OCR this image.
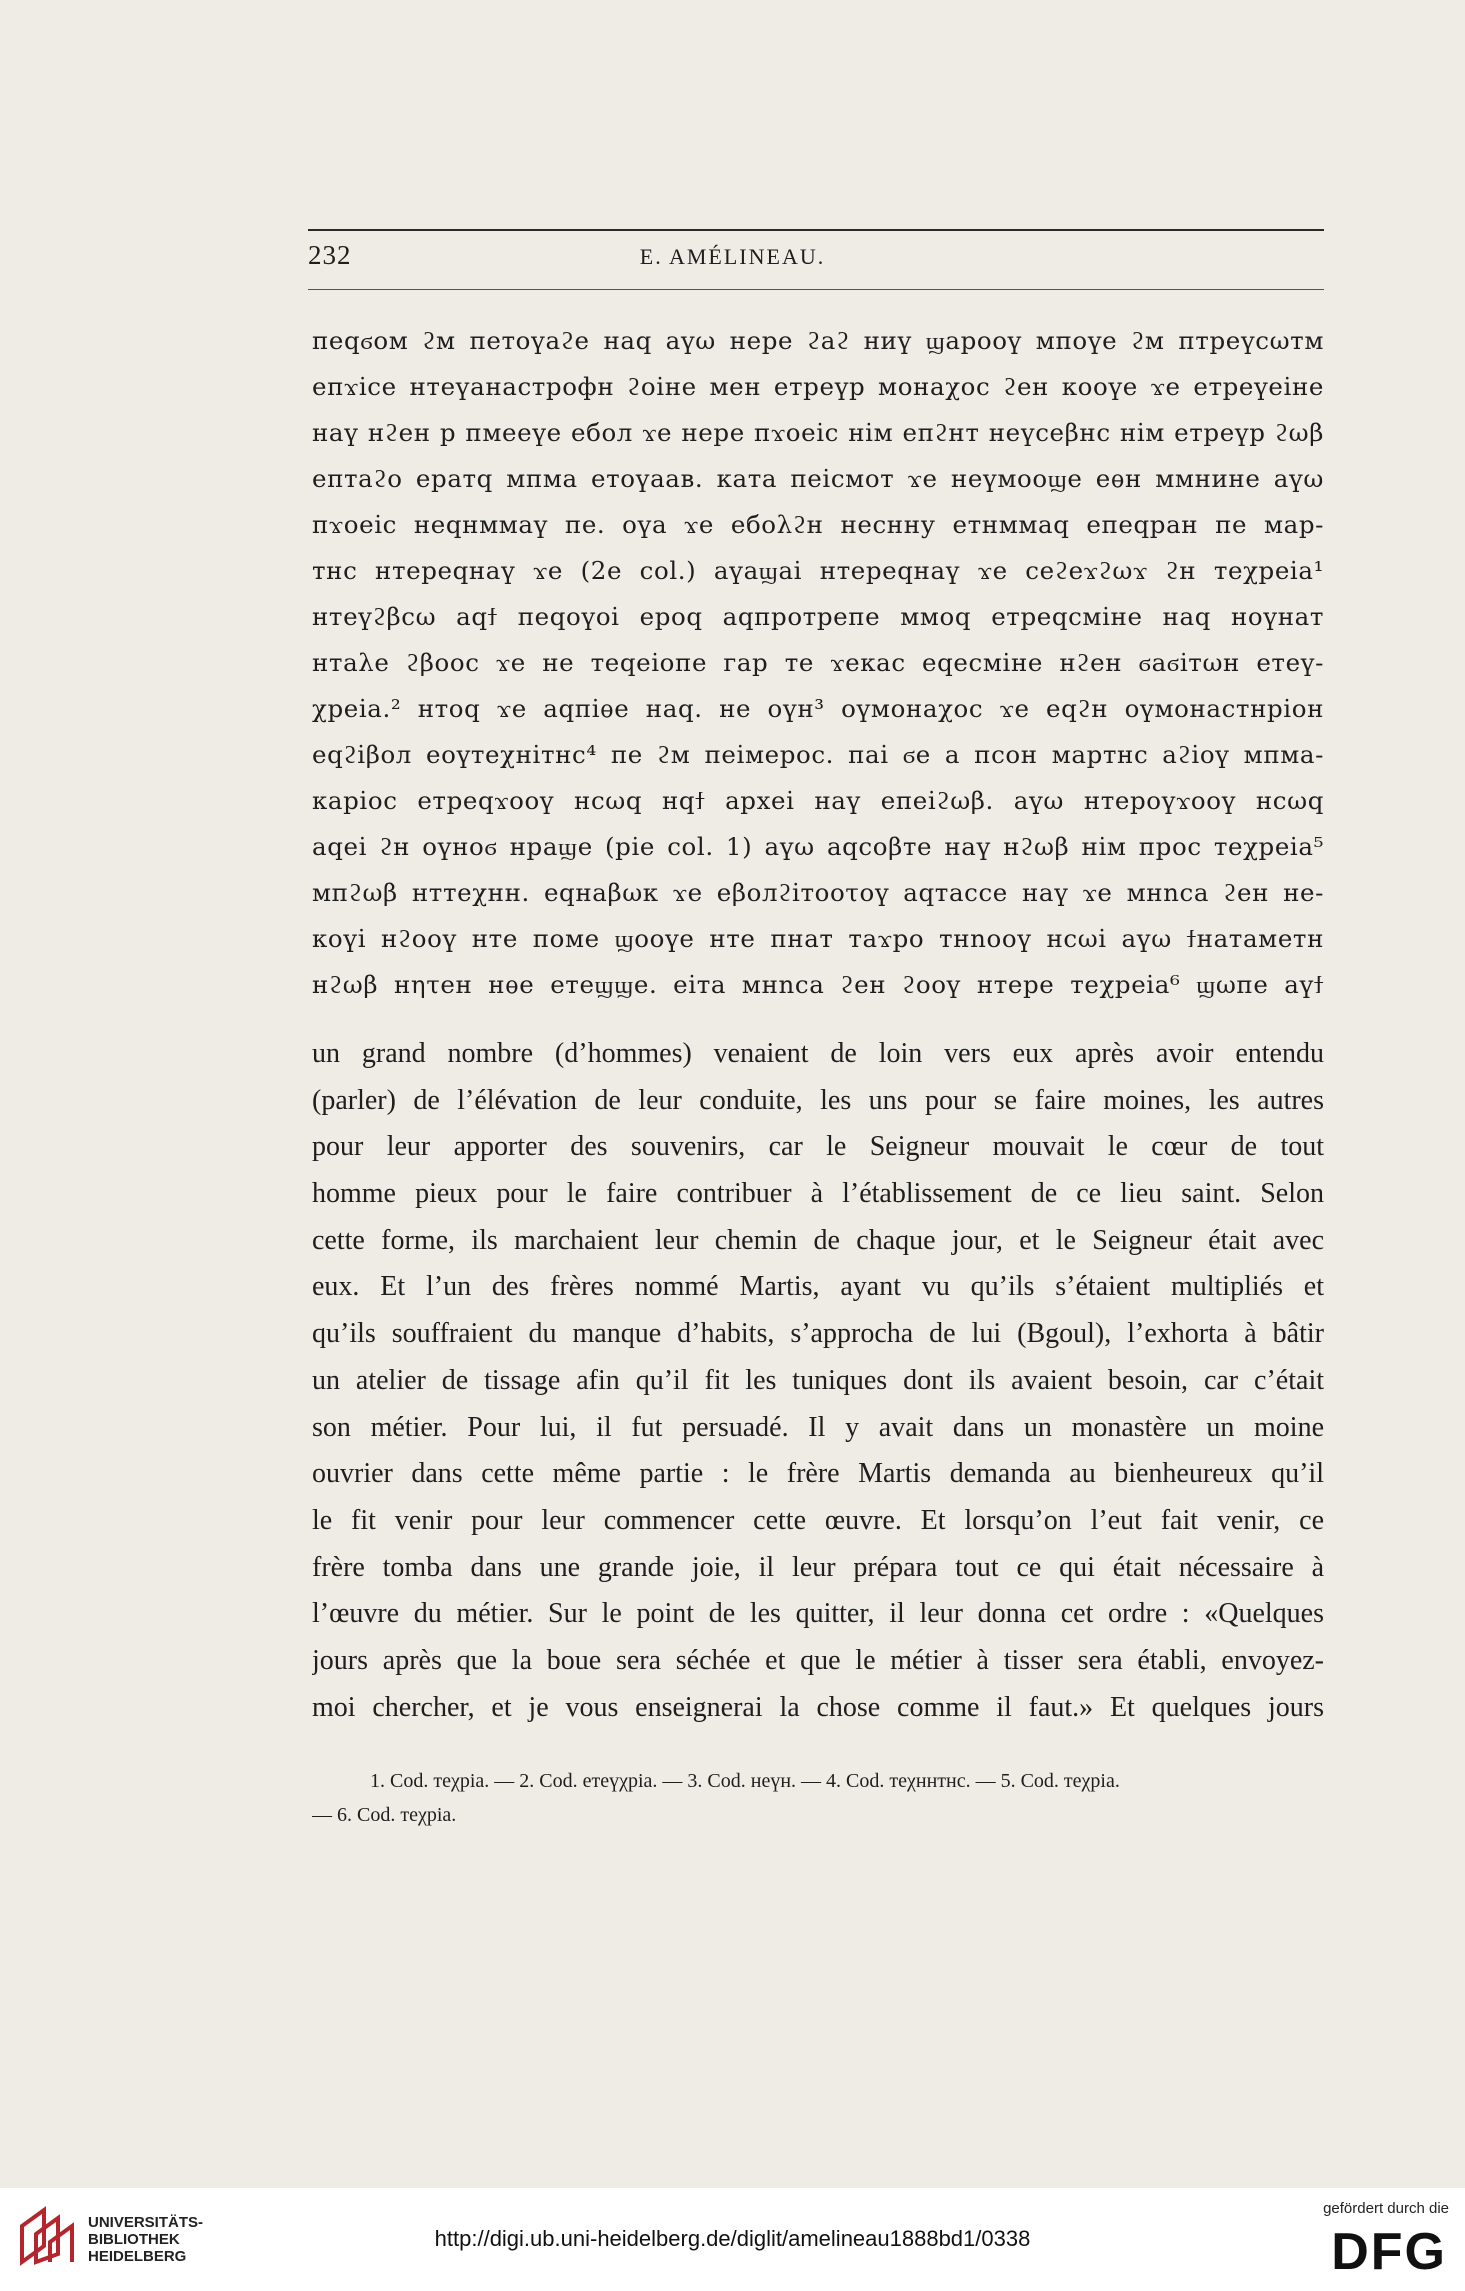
232	E. AMÉLINEAU.
пеqϭом ϩм петоүаϩе наq аүω нере ϩаϩ ниү ϣароoү мпоүе ϩм птреүсωтм
епϫісе нтеүанастрофн ϩоіне мен етреүр монаχос ϩен кооүе ϫе етреүеіне
наү нϩен р пмееүе ебол ϫе нере пϫоеіс нім епϩнт неүсеβнс нім етреүр ϩωβ
ептаϩо ератq мпма етоүаав. ката пеісмот ϫе неүмооϣе еѳн ммнине аүω
пϫоеіс неqнммаү пе. оүа ϫе ебολϩн неснну етнммаq епеqран пе мар-
тнс нтереqнаү ϫе (2e col.) аүаϣаі нтереqнаү ϫе сеϩеϫϩωϫ ϩн теχреіа¹
нтеүϩβсω аqϯ пеqоүоі ероq аqпротрепе ммоq етреqсміне наq ноүнат
нтаλе ϩβоос ϫе не теqеіопе гар те ϫекас еqесміне нϩен ϭаϭітωн етеү-
χреіа.² нтоq ϫе аqпіѳе наq. не оүн³ оүмонаχос ϫе еqϩн оүмонастнріон
еqϩіβол еоүтеχнітнс⁴ пе ϩм пеімерос. паі ϭе а псон мартнс аϩіоү мпма-
каріос етреqϫооү нсωq нqϯ археі наү епеіϩωβ. аүω нтероүϫооү нсωq
аqеі ϩн оүноϭ нраϣе (ріе col. 1) аүω аqсοβте наү нϩωβ нім прос теχреіа⁵
мпϩωβ нттеχнн. еqнаβωк ϫе еβолϩітооτоү аqтассе наү ϫе мнnса ϩен не-
коүі нϩооү нте поме ϣооүе нте пнат таϫро тнnооү нсωі аүω ϯнатаметн
нϩωβ нητен нѳе етеϣϣе. еіта мнnса ϩен ϩооү нтере теχреіа⁶ ϣωпе аүϯ
un grand nombre (d’hommes) venaient de loin vers eux après avoir entendu
(parler) de l’élévation de leur conduite, les uns pour se faire moines, les autres
pour leur apporter des souvenirs, car le Seigneur mouvait le cœur de tout
homme pieux pour le faire contribuer à l’établissement de ce lieu saint. Selon
cette forme, ils marchaient leur chemin de chaque jour, et le Seigneur était avec
eux. Et l’un des frères nommé Martis, ayant vu qu’ils s’étaient multipliés et
qu’ils souffraient du manque d’habits, s’approcha de lui (Bgoul), l’exhorta à bâtir
un atelier de tissage afin qu’il fit les tuniques dont ils avaient besoin, car c’était
son métier. Pour lui, il fut persuadé. Il y avait dans un monastère un moine
ouvrier dans cette même partie : le frère Martis demanda au bienheureux qu’il
le fit venir pour leur commencer cette œuvre. Et lorsqu’on l’eut fait venir, ce
frère tomba dans une grande joie, il leur prépara tout ce qui était nécessaire à
l’œuvre du métier. Sur le point de les quitter, il leur donna cet ordre : «Quelques
jours après que la boue sera séchée et que le métier à tisser sera établi, envoyez-
moi chercher, et je vous enseignerai la chose comme il faut.» Et quelques jours
1. Cod. теχріа. — 2. Cod. етеүχріа. — 3. Cod. неүн. — 4. Cod. теχннтнс. — 5. Cod. теχріа.
— 6. Cod. теχріа.
UNIVERSITÄTS-
BIBLIOTHEK
HEIDELBERG
http://digi.ub.uni-heidelberg.de/diglit/amelineau1888bd1/0338
gefördert durch die
DFG
